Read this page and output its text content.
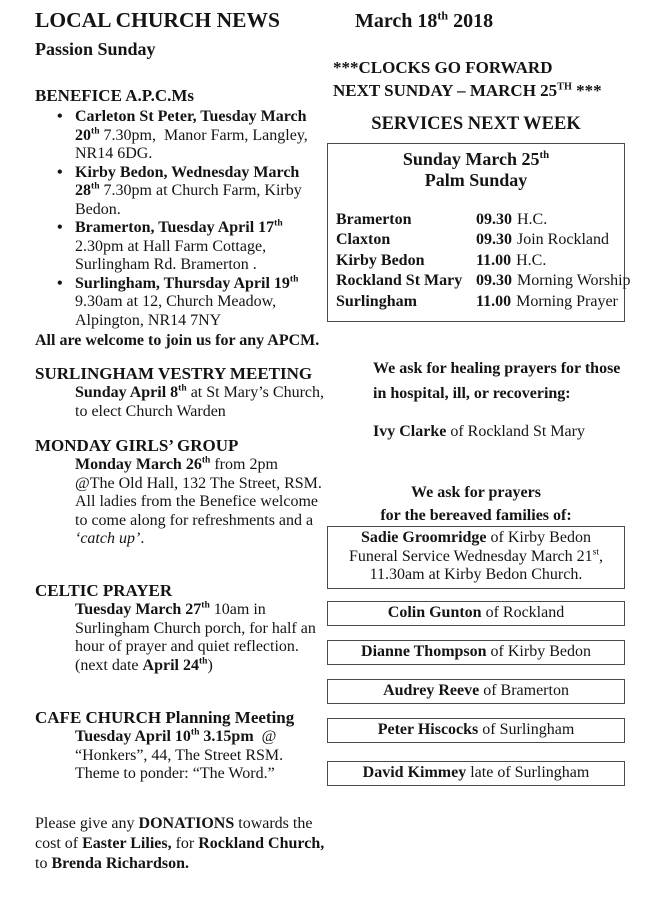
LOCAL CHURCH NEWS	March 18th 2018
Passion Sunday
BENEFICE A.P.C.Ms
• Carleton St Peter, Tuesday March
20th 7.30pm,  Manor Farm, Langley,
NR14 6DG.
• Kirby Bedon, Wednesday March
28th 7.30pm at Church Farm, Kirby
Bedon.
• Bramerton, Tuesday April 17th
2.30pm at Hall Farm Cottage,
Surlingham Rd. Bramerton .
• Surlingham, Thursday April 19th
9.30am at 12, Church Meadow,
Alpington, NR14 7NY
All are welcome to join us for any APCM.
SURLINGHAM VESTRY MEETING
Sunday April 8th at St Mary’s Church,
to elect Church Warden
MONDAY GIRLS’ GROUP
Monday March 26th from 2pm
@The Old Hall, 132 The Street, RSM.
All ladies from the Benefice welcome
to come along for refreshments and a
‘catch up’.
CELTIC PRAYER
Tuesday March 27th 10am in
Surlingham Church porch, for half an
hour of prayer and quiet reflection.
(next date April 24th)
CAFE CHURCH Planning Meeting
Tuesday April 10th 3.15pm  @
“Honkers”, 44, The Street RSM.
Theme to ponder: “The Word.”
Please give any DONATIONS towards the
cost of Easter Lilies, for Rockland Church,
to Brenda Richardson.
***CLOCKS GO FORWARD
NEXT SUNDAY – MARCH 25TH ***
SERVICES NEXT WEEK
Sunday March 25th
Palm Sunday
Bramerton	09.30 H.C.
Claxton	09.30 Join Rockland
Kirby Bedon	11.00 H.C.
Rockland St Mary 09.30 Morning Worship
Surlingham	11.00 Morning Prayer
We ask for healing prayers for those
in hospital, ill, or recovering:
Ivy Clarke of Rockland St Mary
We ask for prayers
for the bereaved families of:
Sadie Groomridge of Kirby Bedon
Funeral Service Wednesday March 21st,
11.30am at Kirby Bedon Church.
Colin Gunton of Rockland
Dianne Thompson of Kirby Bedon
Audrey Reeve of Bramerton
Peter Hiscocks of Surlingham
David Kimmey late of Surlingham
